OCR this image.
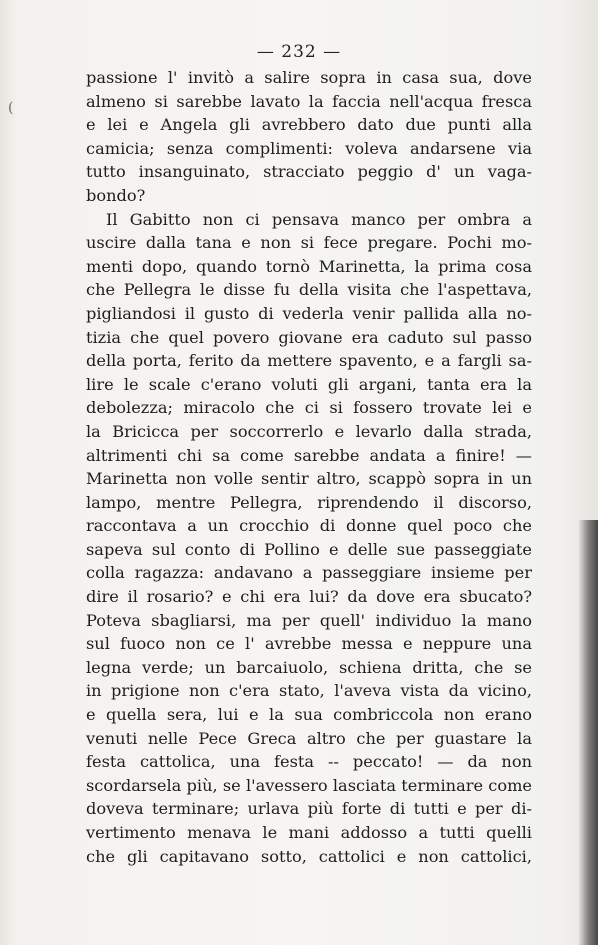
(
— 232 —
passione l' invitò a salire sopra in casa sua, dove
almeno si sarebbe lavato la faccia nell'acqua fresca
e lei e Angela gli avrebbero dato due punti alla
camicia; senza complimenti: voleva andarsene via
tutto insanguinato, stracciato peggio d' un vaga-
bondo?
Il Gabitto non ci pensava manco per ombra a
uscire dalla tana e non si fece pregare. Pochi mo-
menti dopo, quando tornò Marinetta, la prima cosa
che Pellegra le disse fu della visita che l'aspettava,
pigliandosi il gusto di vederla venir pallida alla no-
tizia che quel povero giovane era caduto sul passo
della porta, ferito da mettere spavento, e a fargli sa-
lire le scale c'erano voluti gli argani, tanta era la
debolezza; miracolo che ci si fossero trovate lei e
la Bricicca per soccorrerlo e levarlo dalla strada,
altrimenti chi sa come sarebbe andata a finire! —
Marinetta non volle sentir altro, scappò sopra in un
lampo, mentre Pellegra, riprendendo il discorso,
raccontava a un crocchio di donne quel poco che
sapeva sul conto di Pollino e delle sue passeggiate
colla ragazza: andavano a passeggiare insieme per
dire il rosario? e chi era lui? da dove era sbucato?
Poteva sbagliarsi, ma per quell' individuo la mano
sul fuoco non ce l' avrebbe messa e neppure una
legna verde; un barcaiuolo, schiena dritta, che se
in prigione non c'era stato, l'aveva vista da vicino,
e quella sera, lui e la sua combriccola non erano
venuti nelle Pece Greca altro che per guastare la
festa cattolica, una festa -- peccato! — da non
scordarsela più, se l'avessero lasciata terminare come
doveva terminare; urlava più forte di tutti e per di-
vertimento menava le mani addosso a tutti quelli
che gli capitavano sotto, cattolici e non cattolici,
